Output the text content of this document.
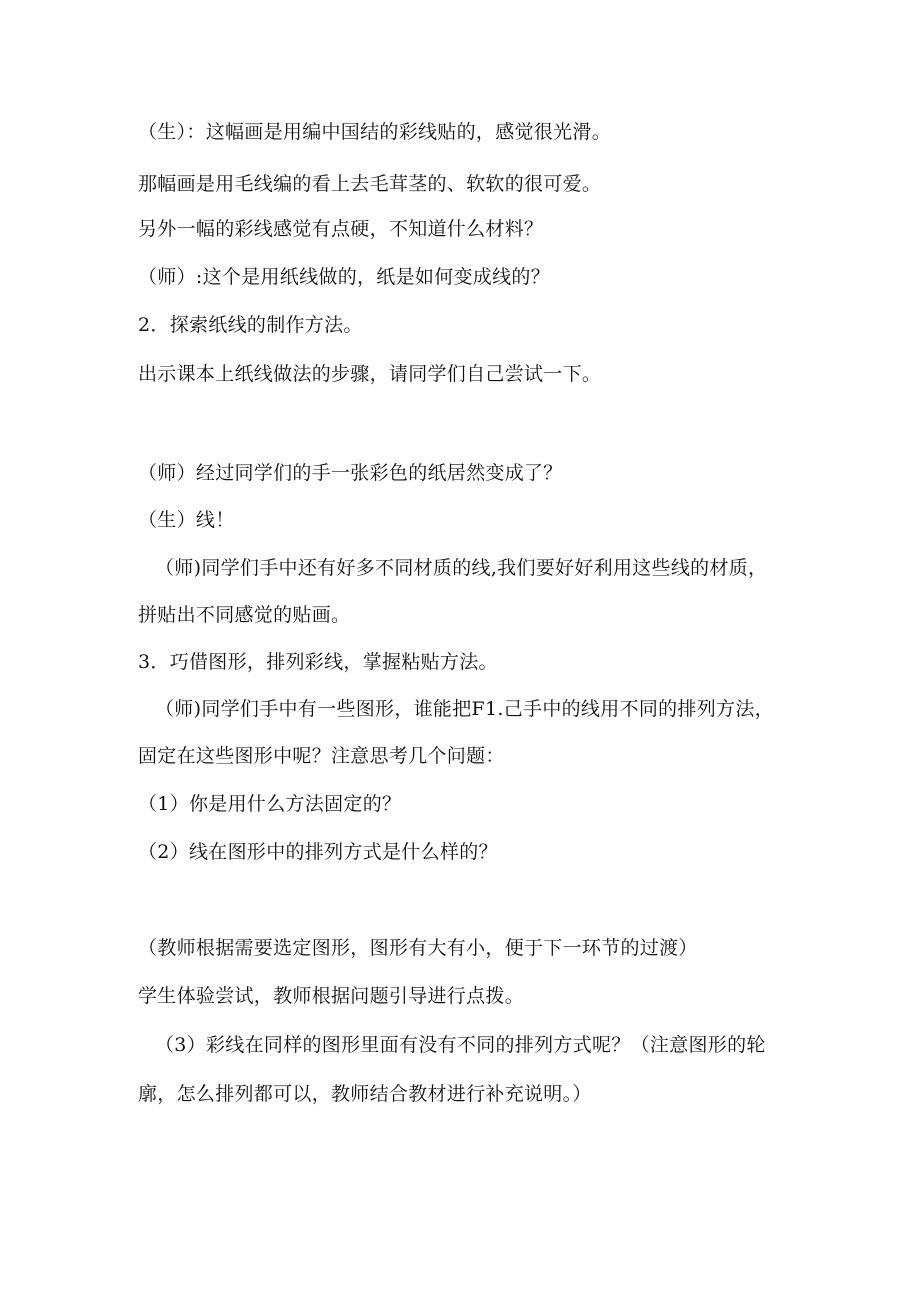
（生）：这幅画是用编中国结的彩线贴的，感觉很光滑。
那幅画是用毛线编的看上去毛茸茎的、软软的很可爱。
另外一幅的彩线感觉有点硬，不知道什么材料？
（师）:这个是用纸线做的，纸是如何变成线的？
2．探索纸线的制作方法。
出示课本上纸线做法的步骤，请同学们自己尝试一下。
（师）经过同学们的手一张彩色的纸居然变成了？
（生）线！
（师)同学们手中还有好多不同材质的线,我们要好好利用这些线的材质，
拼贴出不同感觉的贴画。
3．巧借图形，排列彩线，掌握粘贴方法。
（师)同学们手中有一些图形，谁能把F1.己手中的线用不同的排列方法，
固定在这些图形中呢？注意思考几个问题：
（1）你是用什么方法固定的？
（2）线在图形中的排列方式是什么样的？
（教师根据需要选定图形，图形有大有小，便于下一环节的过渡）
学生体验尝试，教师根据问题引导进行点拨。
（3）彩线在同样的图形里面有没有不同的排列方式呢？（注意图形的轮
廓，怎么排列都可以，教师结合教材进行补充说明。）
